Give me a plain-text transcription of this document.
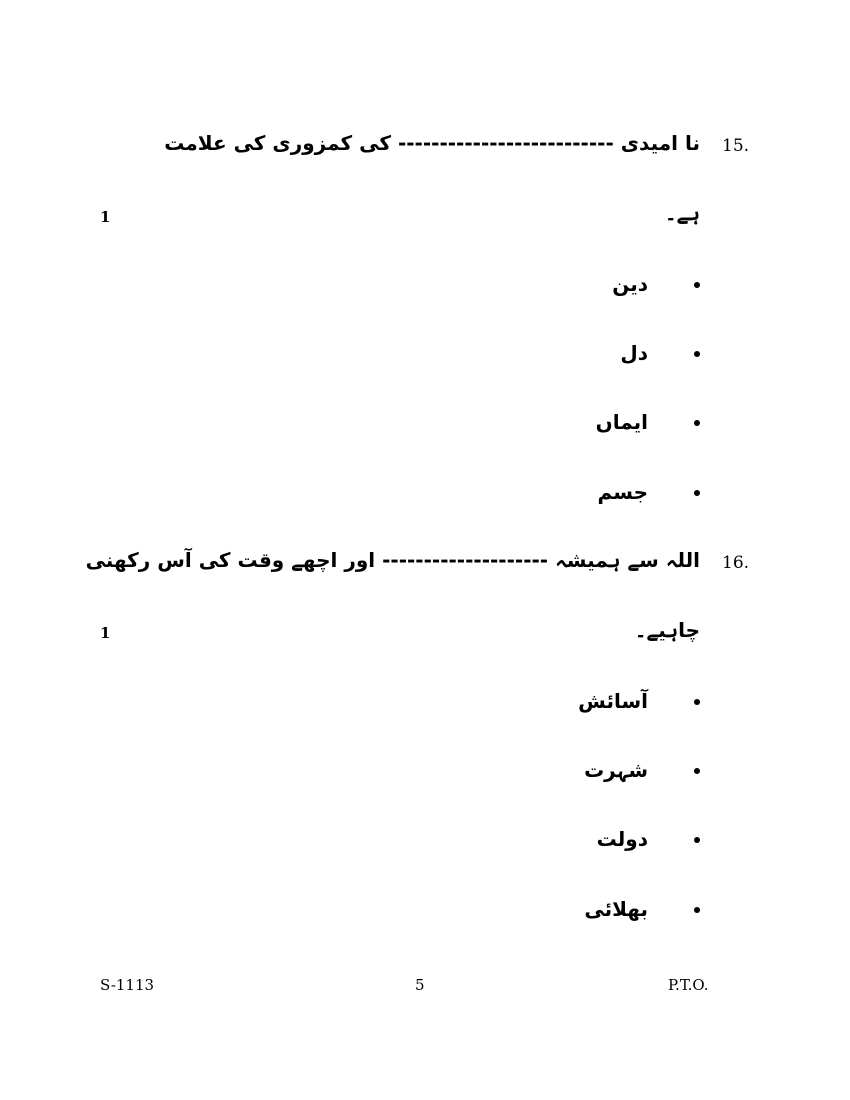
15.
نا امیدی -------------------------- کی کمزوری کی علامت
ہے۔
1
دین
دل
ایماں
جسم
16.
اللہ سے ہمیشہ -------------------- اور اچھے وقت کی آس رکھنی
چاہیے۔
1
آسائش
شہرت
دولت
بھلائی
S-1113	5	P.T.O.
